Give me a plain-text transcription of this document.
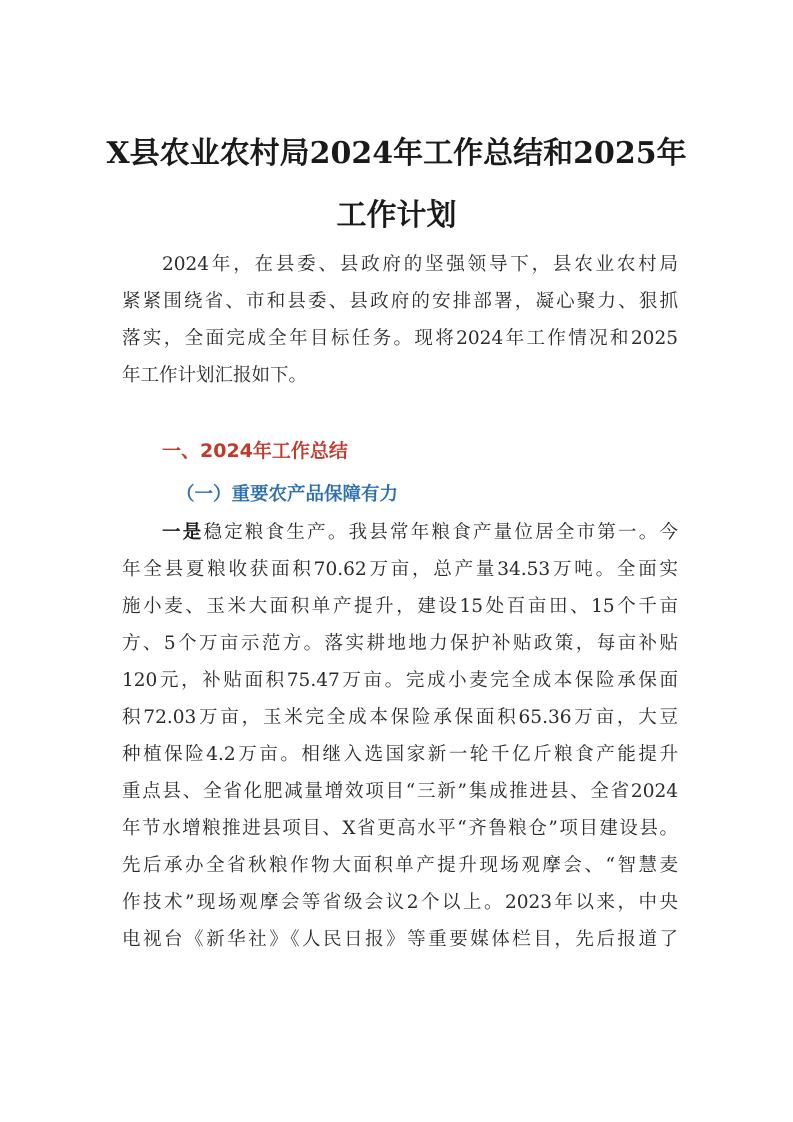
X县农业农村局2024年工作总结和2025年
工作计划

2024年，在县委、县政府的坚强领导下，县农业农村局

紧紧围绕省、市和县委、县政府的安排部署，凝心聚力、狠抓

落实，全面完成全年目标任务。现将2024年工作情况和2025

年工作计划汇报如下。

一、2024年工作总结
（一）重要农产品保障有力

一是稳定粮食生产。我县常年粮食产量位居全市第一。今

年全县夏粮收获面积70.62万亩，总产量34.53万吨。全面实

施小麦、玉米大面积单产提升，建设15处百亩田、15个千亩

方、5个万亩示范方。落实耕地地力保护补贴政策，每亩补贴

120元，补贴面积75.47万亩。完成小麦完全成本保险承保面

积72.03万亩，玉米完全成本保险承保面积65.36万亩，大豆

种植保险4.2万亩。相继入选国家新一轮千亿斤粮食产能提升

重点县、全省化肥减量增效项目“三新”集成推进县、全省2024

年节水增粮推进县项目、X省更高水平“齐鲁粮仓”项目建设县。

先后承办全省秋粮作物大面积单产提升现场观摩会、“智慧麦

作技术”现场观摩会等省级会议2个以上。2023年以来，中央

电视台《新华社》《人民日报》等重要媒体栏目，先后报道了
